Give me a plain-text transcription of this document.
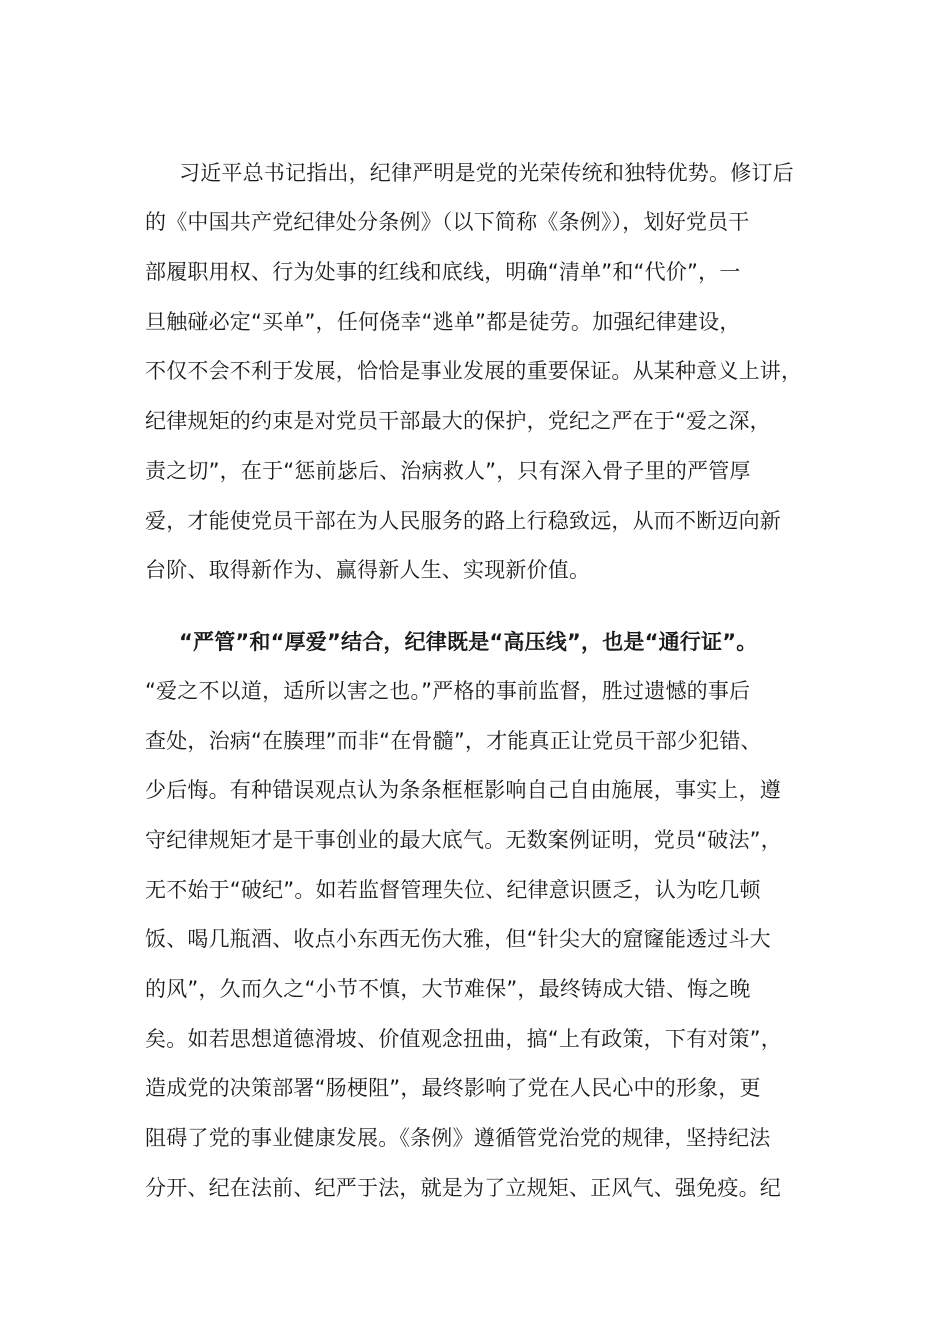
习近平总书记指出，纪律严明是党的光荣传统和独特优势。修订后
的《中国共产党纪律处分条例》（以下简称《条例》），划好党员干
部履职用权、行为处事的红线和底线，明确“清单”和“代价”，一
旦触碰必定“买单”，任何侥幸“逃单”都是徒劳。加强纪律建设，
不仅不会不利于发展，恰恰是事业发展的重要保证。从某种意义上讲，
纪律规矩的约束是对党员干部最大的保护，党纪之严在于“爱之深，
责之切”，在于“惩前毖后、治病救人”，只有深入骨子里的严管厚
爱，才能使党员干部在为人民服务的路上行稳致远，从而不断迈向新
台阶、取得新作为、赢得新人生、实现新价值。
“严管”和“厚爱”结合，纪律既是“高压线”，也是“通行证”。
“爱之不以道，适所以害之也。”严格的事前监督，胜过遗憾的事后
查处，治病“在腠理”而非“在骨髓”，才能真正让党员干部少犯错、
少后悔。有种错误观点认为条条框框影响自己自由施展，事实上，遵
守纪律规矩才是干事创业的最大底气。无数案例证明，党员“破法”，
无不始于“破纪”。如若监督管理失位、纪律意识匮乏，认为吃几顿
饭、喝几瓶酒、收点小东西无伤大雅，但“针尖大的窟窿能透过斗大
的风”，久而久之“小节不慎，大节难保”，最终铸成大错、悔之晚
矣。如若思想道德滑坡、价值观念扭曲，搞“上有政策，下有对策”，
造成党的决策部署“肠梗阻”，最终影响了党在人民心中的形象，更
阻碍了党的事业健康发展。《条例》遵循管党治党的规律，坚持纪法
分开、纪在法前、纪严于法，就是为了立规矩、正风气、强免疫。纪
